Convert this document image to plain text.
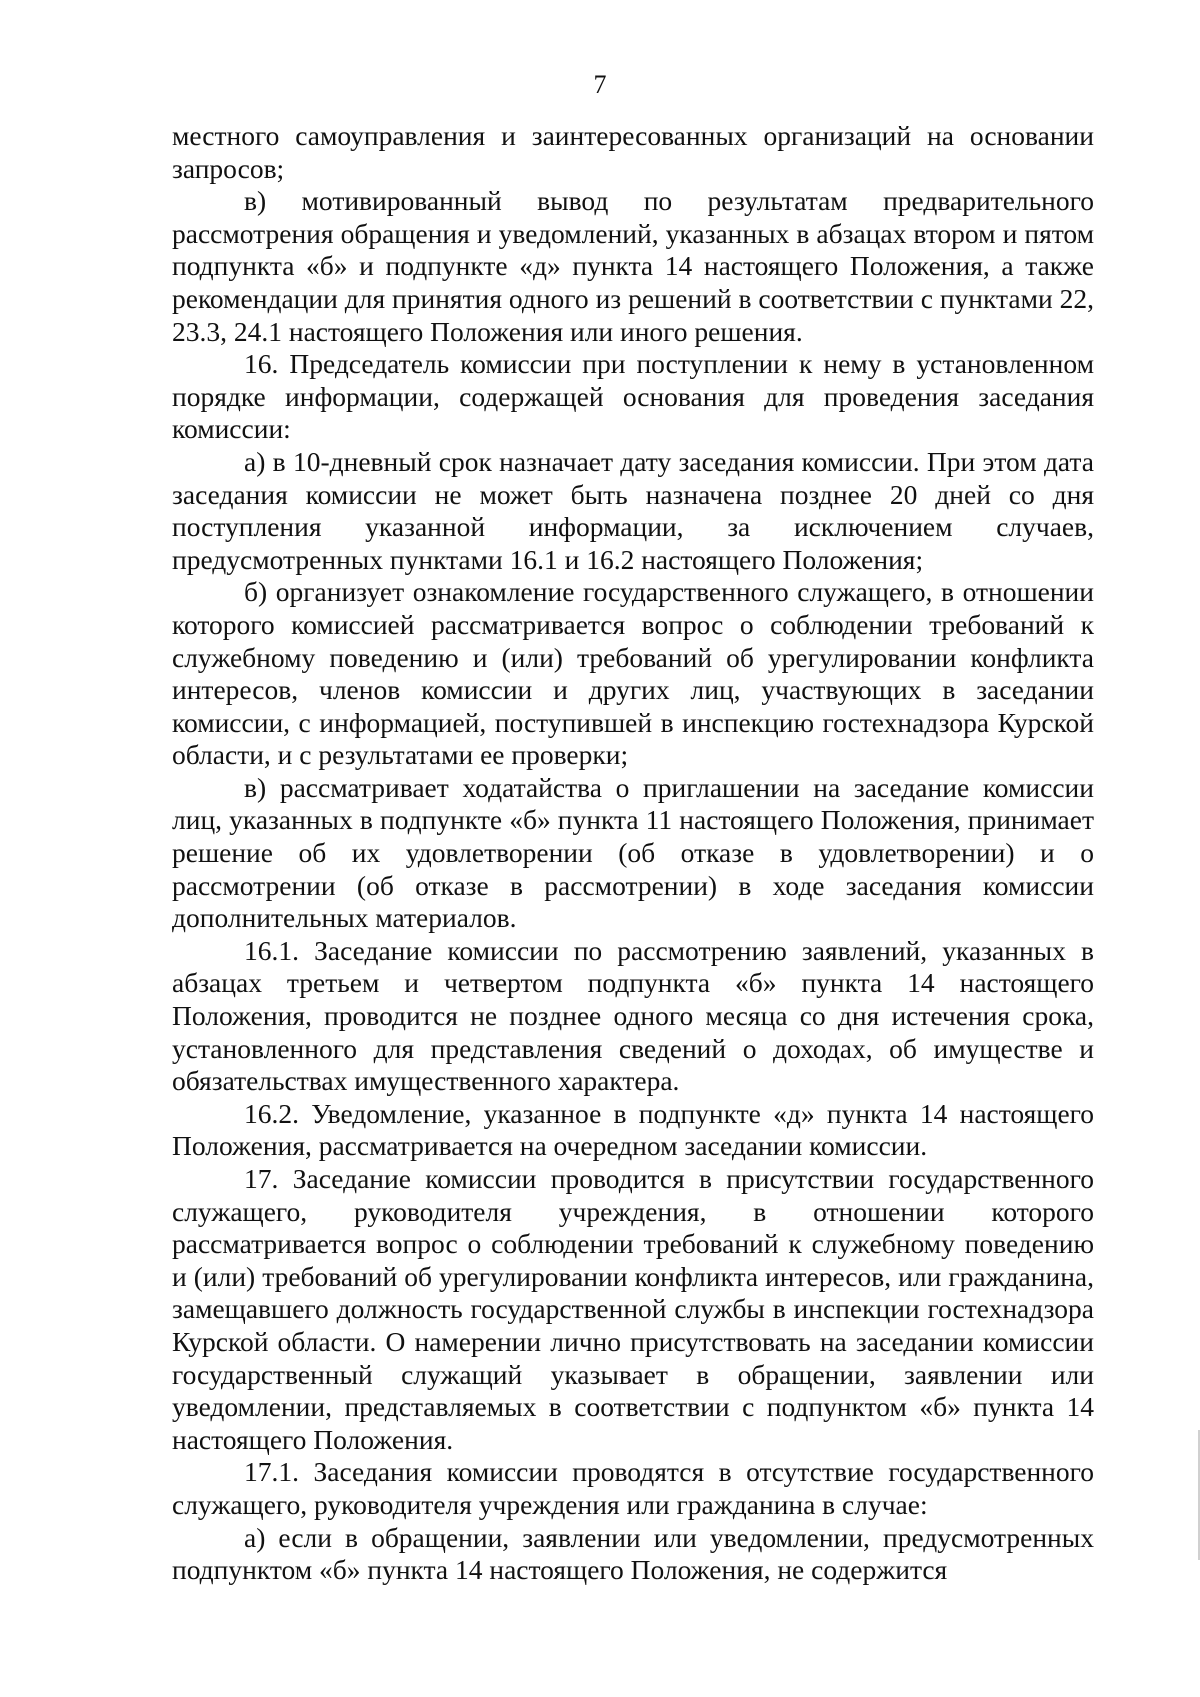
7

местного самоуправления и заинтересованных организаций на основании запросов;

в) мотивированный вывод по результатам предварительного рассмотрения обращения и уведомлений, указанных в абзацах втором и пятом подпункта «б» и подпункте «д» пункта 14 настоящего Положения, а также рекомендации для принятия одного из решений в соответствии с пунктами 22, 23.3, 24.1 настоящего Положения или иного решения.

16. Председатель комиссии при поступлении к нему в установленном порядке информации, содержащей основания для проведения заседания комиссии:

а) в 10-дневный срок назначает дату заседания комиссии. При этом дата заседания комиссии не может быть назначена позднее 20 дней со дня поступления указанной информации, за исключением случаев, предусмотренных пунктами 16.1 и 16.2 настоящего Положения;

б) организует ознакомление государственного служащего, в отношении которого комиссией рассматривается вопрос о соблюдении требований к служебному поведению и (или) требований об урегулировании конфликта интересов, членов комиссии и других лиц, участвующих в заседании комиссии, с информацией, поступившей в инспекцию гостехнадзора Курской области, и с результатами ее проверки;

в) рассматривает ходатайства о приглашении на заседание комиссии лиц, указанных в подпункте «б» пункта 11 настоящего Положения, принимает решение об их удовлетворении (об отказе в удовлетворении) и о рассмотрении (об отказе в рассмотрении) в ходе заседания комиссии дополнительных материалов.

16.1. Заседание комиссии по рассмотрению заявлений, указанных в абзацах третьем и четвертом подпункта «б» пункта 14 настоящего Положения, проводится не позднее одного месяца со дня истечения срока, установленного для представления сведений о доходах, об имуществе и обязательствах имущественного характера.

16.2. Уведомление, указанное в подпункте «д» пункта 14 настоящего Положения, рассматривается на очередном заседании комиссии.

17. Заседание комиссии проводится в присутствии государственного служащего, руководителя учреждения, в отношении которого рассматривается вопрос о соблюдении требований к служебному поведению и (или) требований об урегулировании конфликта интересов, или гражданина, замещавшего должность государственной службы в инспекции гостехнадзора Курской области. О намерении лично присутствовать на заседании комиссии государственный служащий указывает в обращении, заявлении или уведомлении, представляемых в соответствии с подпунктом «б» пункта 14 настоящего Положения.

17.1. Заседания комиссии проводятся в отсутствие государственного служащего, руководителя учреждения или гражданина в случае:

а) если в обращении, заявлении или уведомлении, предусмотренных подпунктом «б» пункта 14 настоящего Положения, не содержится
